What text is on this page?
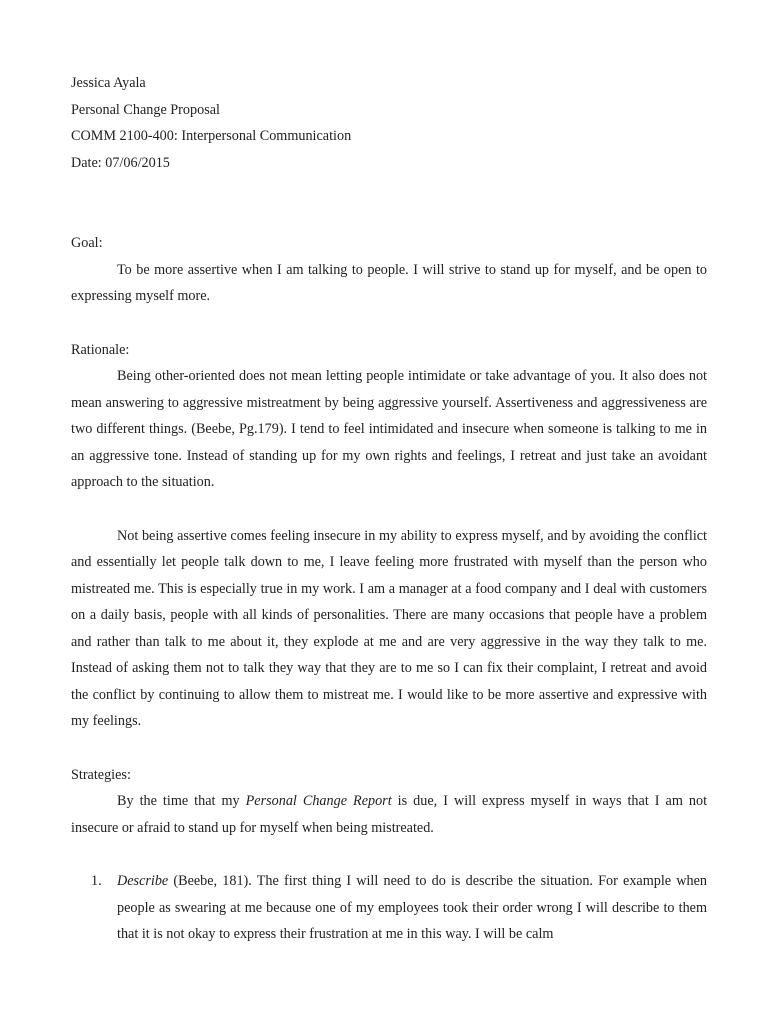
Jessica Ayala
Personal Change Proposal
COMM 2100-400: Interpersonal Communication
Date: 07/06/2015
Goal:

To be more assertive when I am talking to people. I will strive to stand up for myself, and be open to expressing myself more.

Rationale:

Being other-oriented does not mean letting people intimidate or take advantage of you. It also does not mean answering to aggressive mistreatment by being aggressive yourself. Assertiveness and aggressiveness are two different things. (Beebe, Pg.179). I tend to feel intimidated and insecure when someone is talking to me in an aggressive tone. Instead of standing up for my own rights and feelings, I retreat and just take an avoidant approach to the situation.

Not being assertive comes feeling insecure in my ability to express myself, and by avoiding the conflict and essentially let people talk down to me, I leave feeling more frustrated with myself than the person who mistreated me. This is especially true in my work. I am a manager at a food company and I deal with customers on a daily basis, people with all kinds of personalities. There are many occasions that people have a problem and rather than talk to me about it, they explode at me and are very aggressive in the way they talk to me. Instead of asking them not to talk they way that they are to me so I can fix their complaint, I retreat and avoid the conflict by continuing to allow them to mistreat me. I would like to be more assertive and expressive with my feelings.

Strategies:

By the time that my Personal Change Report is due, I will express myself in ways that I am not insecure or afraid to stand up for myself when being mistreated.

1. Describe (Beebe, 181). The first thing I will need to do is describe the situation. For example when people as swearing at me because one of my employees took their order wrong I will describe to them that it is not okay to express their frustration at me in this way. I will be calm
